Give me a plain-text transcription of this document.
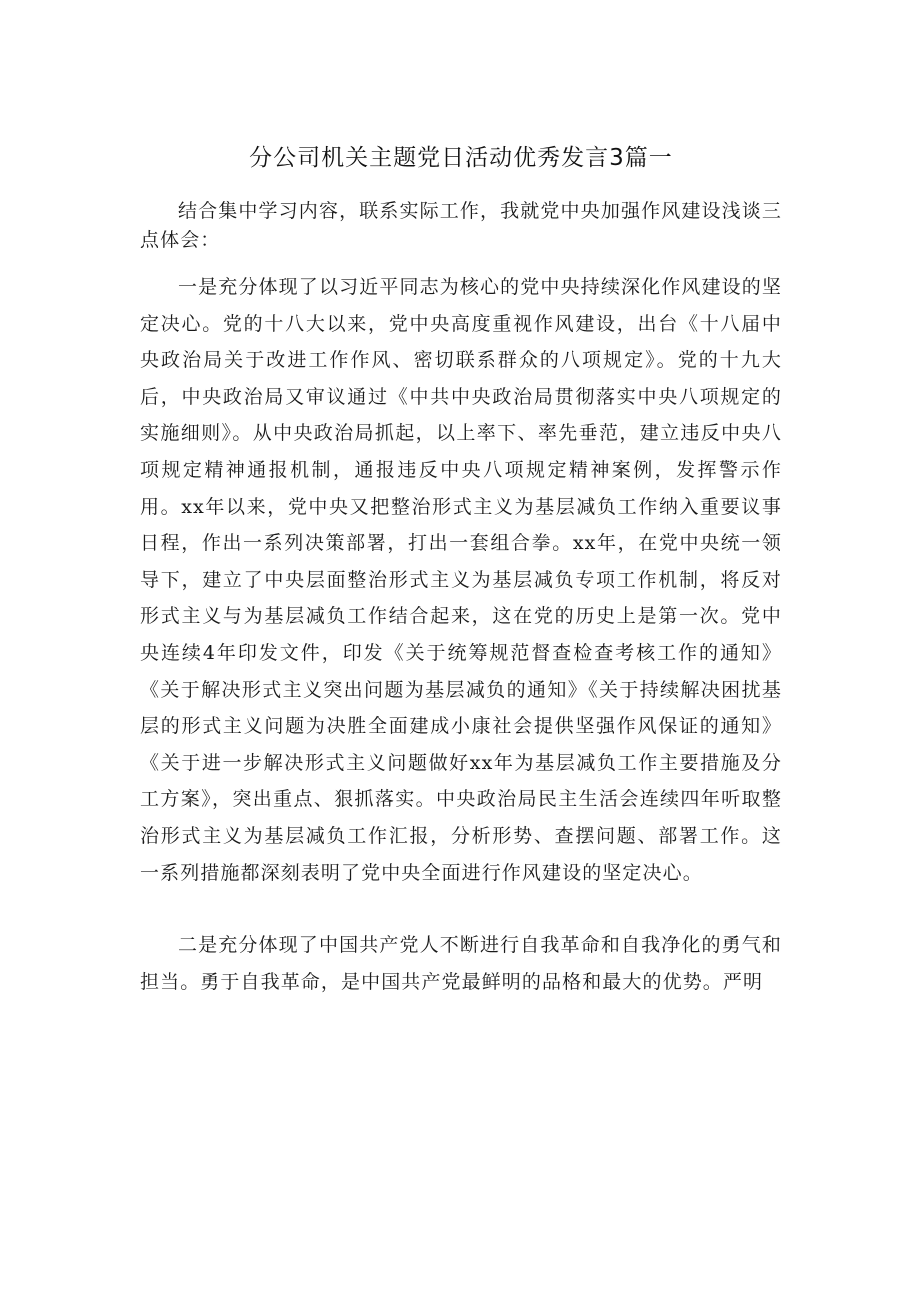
分公司机关主题党日活动优秀发言3篇一

结合集中学习内容，联系实际工作，我就党中央加强作风建设浅谈三点体会：

一是充分体现了以习近平同志为核心的党中央持续深化作风建设的坚定决心。党的十八大以来，党中央高度重视作风建设，出台《十八届中央政治局关于改进工作作风、密切联系群众的八项规定》。党的十九大后，中央政治局又审议通过《中共中央政治局贯彻落实中央八项规定的实施细则》。从中央政治局抓起，以上率下、率先垂范，建立违反中央八项规定精神通报机制，通报违反中央八项规定精神案例，发挥警示作用。xx年以来，党中央又把整治形式主义为基层减负工作纳入重要议事日程，作出一系列决策部署，打出一套组合拳。xx年，在党中央统一领导下，建立了中央层面整治形式主义为基层减负专项工作机制，将反对形式主义与为基层减负工作结合起来，这在党的历史上是第一次。党中央连续4年印发文件，印发《关于统筹规范督查检查考核工作的通知》《关于解决形式主义突出问题为基层减负的通知》《关于持续解决困扰基层的形式主义问题为决胜全面建成小康社会提供坚强作风保证的通知》《关于进一步解决形式主义问题做好xx年为基层减负工作主要措施及分工方案》，突出重点、狠抓落实。中央政治局民主生活会连续四年听取整治形式主义为基层减负工作汇报，分析形势、查摆问题、部署工作。这一系列措施都深刻表明了党中央全面进行作风建设的坚定决心。

二是充分体现了中国共产党人不断进行自我革命和自我净化的勇气和担当。勇于自我革命，是中国共产党最鲜明的品格和最大的优势。严明
